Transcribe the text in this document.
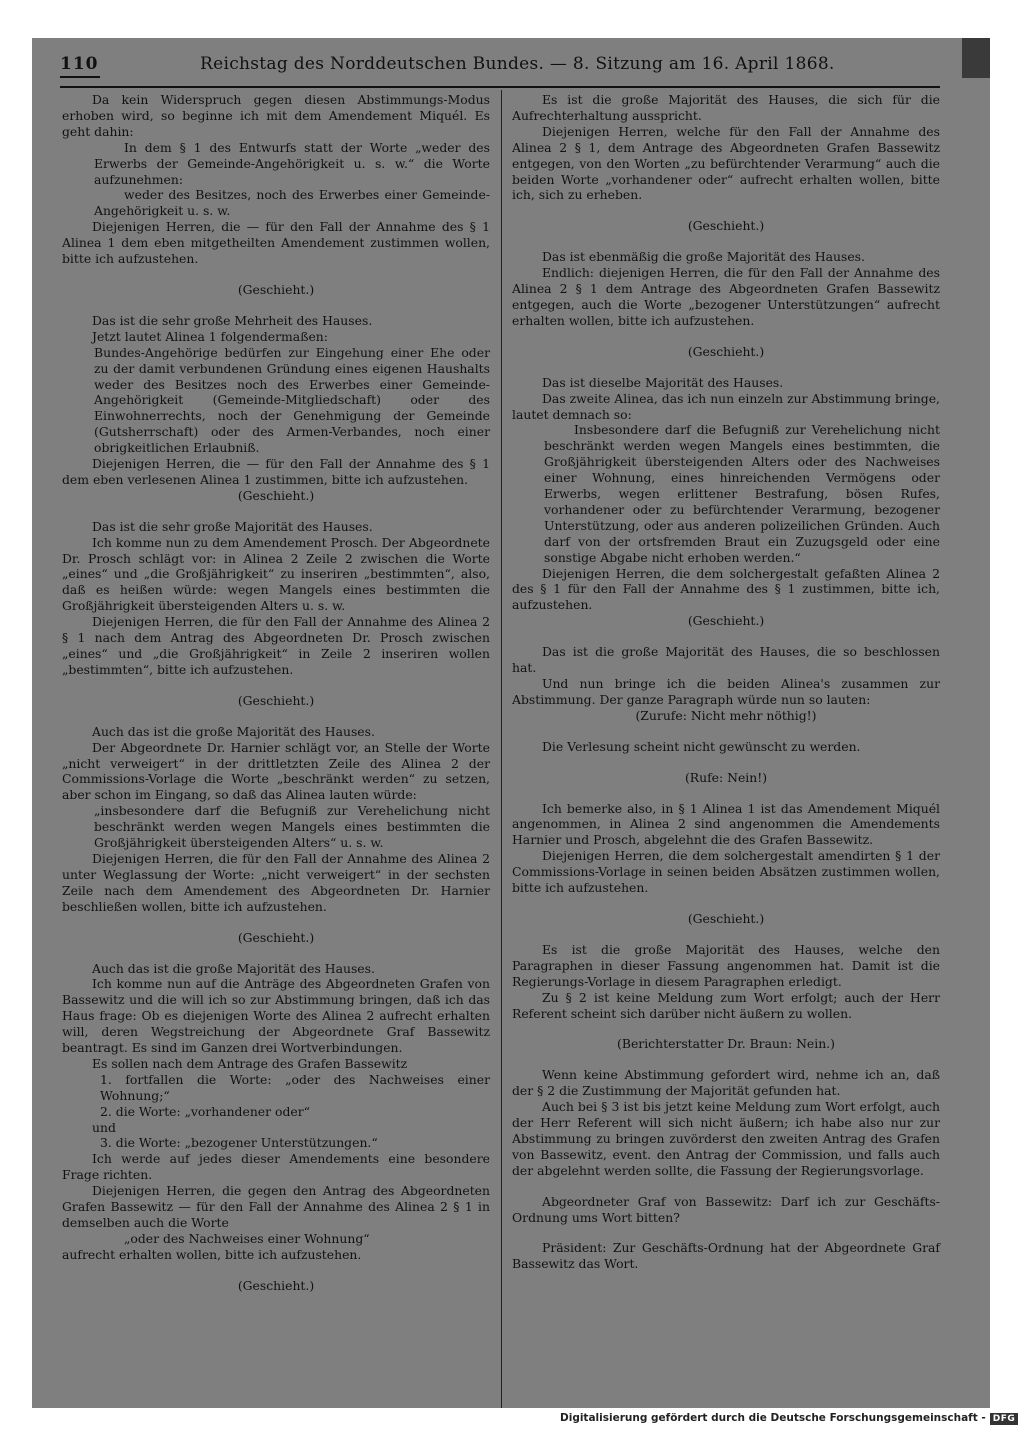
110	Reichstag des Norddeutschen Bundes. — 8. Sitzung am 16. April 1868.

Da kein Widerspruch gegen diesen Abstimmungs-Modus erhoben wird, so beginne ich mit dem Amendement Miquél. Es geht dahin:

In dem § 1 des Entwurfs statt der Worte „weder des Erwerbs der Gemeinde-Angehörigkeit u. s. w.“ die Worte aufzunehmen:

weder des Besitzes, noch des Erwerbes einer Gemeinde-Angehörigkeit u. s. w.

Diejenigen Herren, die — für den Fall der Annahme des § 1 Alinea 1 dem eben mitgetheilten Amendement zustimmen wollen, bitte ich aufzustehen.

(Geschieht.)

Das ist die sehr große Mehrheit des Hauses.

Jetzt lautet Alinea 1 folgendermaßen:

Bundes-Angehörige bedürfen zur Eingehung einer Ehe oder zu der damit verbundenen Gründung eines eigenen Haushalts weder des Besitzes noch des Erwerbes einer Gemeinde-Angehörigkeit (Gemeinde-Mitgliedschaft) oder des Einwohnerrechts, noch der Genehmigung der Gemeinde (Gutsherrschaft) oder des Armen-Verbandes, noch einer obrigkeitlichen Erlaubniß.

Diejenigen Herren, die — für den Fall der Annahme des § 1 dem eben verlesenen Alinea 1 zustimmen, bitte ich aufzustehen.

(Geschieht.)

Das ist die sehr große Majorität des Hauses.

Ich komme nun zu dem Amendement Prosch. Der Abgeordnete Dr. Prosch schlägt vor: in Alinea 2 Zeile 2 zwischen die Worte „eines“ und „die Großjährigkeit“ zu inseriren „bestimmten“, also, daß es heißen würde: wegen Mangels eines bestimmten die Großjährigkeit übersteigenden Alters u. s. w.

Diejenigen Herren, die für den Fall der Annahme des Alinea 2 § 1 nach dem Antrag des Abgeordneten Dr. Prosch zwischen „eines“ und „die Großjährigkeit“ in Zeile 2 inseriren wollen „bestimmten“, bitte ich aufzustehen.

(Geschieht.)

Auch das ist die große Majorität des Hauses.

Der Abgeordnete Dr. Harnier schlägt vor, an Stelle der Worte „nicht verweigert“ in der drittletzten Zeile des Alinea 2 der Commissions-Vorlage die Worte „beschränkt werden“ zu setzen, aber schon im Eingang, so daß das Alinea lauten würde:

„insbesondere darf die Befugniß zur Verehelichung nicht beschränkt werden wegen Mangels eines bestimmten die Großjährigkeit übersteigenden Alters“ u. s. w.

Diejenigen Herren, die für den Fall der Annahme des Alinea 2 unter Weglassung der Worte: „nicht verweigert“ in der sechsten Zeile nach dem Amendement des Abgeordneten Dr. Harnier beschließen wollen, bitte ich aufzustehen.

(Geschieht.)

Auch das ist die große Majorität des Hauses.

Ich komme nun auf die Anträge des Abgeordneten Grafen von Bassewitz und die will ich so zur Abstimmung bringen, daß ich das Haus frage: Ob es diejenigen Worte des Alinea 2 aufrecht erhalten will, deren Wegstreichung der Abgeordnete Graf Bassewitz beantragt. Es sind im Ganzen drei Wortverbindungen.

Es sollen nach dem Antrage des Grafen Bassewitz

1. fortfallen die Worte: „oder des Nachweises einer Wohnung;“

2. die Worte: „vorhandener oder“

und

3. die Worte: „bezogener Unterstützungen.“

Ich werde auf jedes dieser Amendements eine besondere Frage richten.

Diejenigen Herren, die gegen den Antrag des Abgeordneten Grafen Bassewitz — für den Fall der Annahme des Alinea 2 § 1 in demselben auch die Worte

„oder des Nachweises einer Wohnung“

aufrecht erhalten wollen, bitte ich aufzustehen.

(Geschieht.)

Es ist die große Majorität des Hauses, die sich für die Aufrechterhaltung ausspricht.

Diejenigen Herren, welche für den Fall der Annahme des Alinea 2 § 1, dem Antrage des Abgeordneten Grafen Bassewitz entgegen, von den Worten „zu befürchtender Verarmung“ auch die beiden Worte „vorhandener oder“ aufrecht erhalten wollen, bitte ich, sich zu erheben.

(Geschieht.)

Das ist ebenmäßig die große Majorität des Hauses.

Endlich: diejenigen Herren, die für den Fall der Annahme des Alinea 2 § 1 dem Antrage des Abgeordneten Grafen Bassewitz entgegen, auch die Worte „bezogener Unterstützungen“ aufrecht erhalten wollen, bitte ich aufzustehen.

(Geschieht.)

Das ist dieselbe Majorität des Hauses.

Das zweite Alinea, das ich nun einzeln zur Abstimmung bringe, lautet demnach so:

Insbesondere darf die Befugniß zur Verehelichung nicht beschränkt werden wegen Mangels eines bestimmten, die Großjährigkeit übersteigenden Alters oder des Nachweises einer Wohnung, eines hinreichenden Vermögens oder Erwerbs, wegen erlittener Bestrafung, bösen Rufes, vorhandener oder zu befürchtender Verarmung, bezogener Unterstützung, oder aus anderen polizeilichen Gründen. Auch darf von der ortsfremden Braut ein Zuzugsgeld oder eine sonstige Abgabe nicht erhoben werden.“

Diejenigen Herren, die dem solchergestalt gefaßten Alinea 2 des § 1 für den Fall der Annahme des § 1 zustimmen, bitte ich, aufzustehen.

(Geschieht.)

Das ist die große Majorität des Hauses, die so beschlossen hat.

Und nun bringe ich die beiden Alinea's zusammen zur Abstimmung. Der ganze Paragraph würde nun so lauten:

(Zurufe: Nicht mehr nöthig!)

Die Verlesung scheint nicht gewünscht zu werden.

(Rufe: Nein!)

Ich bemerke also, in § 1 Alinea 1 ist das Amendement Miquél angenommen, in Alinea 2 sind angenommen die Amendements Harnier und Prosch, abgelehnt die des Grafen Bassewitz.

Diejenigen Herren, die dem solchergestalt amendirten § 1 der Commissions-Vorlage in seinen beiden Absätzen zustimmen wollen, bitte ich aufzustehen.

(Geschieht.)

Es ist die große Majorität des Hauses, welche den Paragraphen in dieser Fassung angenommen hat. Damit ist die Regierungs-Vorlage in diesem Paragraphen erledigt.

Zu § 2 ist keine Meldung zum Wort erfolgt; auch der Herr Referent scheint sich darüber nicht äußern zu wollen.

(Berichterstatter Dr. Braun: Nein.)

Wenn keine Abstimmung gefordert wird, nehme ich an, daß der § 2 die Zustimmung der Majorität gefunden hat.

Auch bei § 3 ist bis jetzt keine Meldung zum Wort erfolgt, auch der Herr Referent will sich nicht äußern; ich habe also nur zur Abstimmung zu bringen zuvörderst den zweiten Antrag des Grafen von Bassewitz, event. den Antrag der Commission, und falls auch der abgelehnt werden sollte, die Fassung der Regierungsvorlage.

Abgeordneter Graf von Bassewitz: Darf ich zur Geschäfts-Ordnung ums Wort bitten?

Präsident: Zur Geschäfts-Ordnung hat der Abgeordnete Graf Bassewitz das Wort.

Digitalisierung gefördert durch die Deutsche Forschungsgemeinschaft - DFG
